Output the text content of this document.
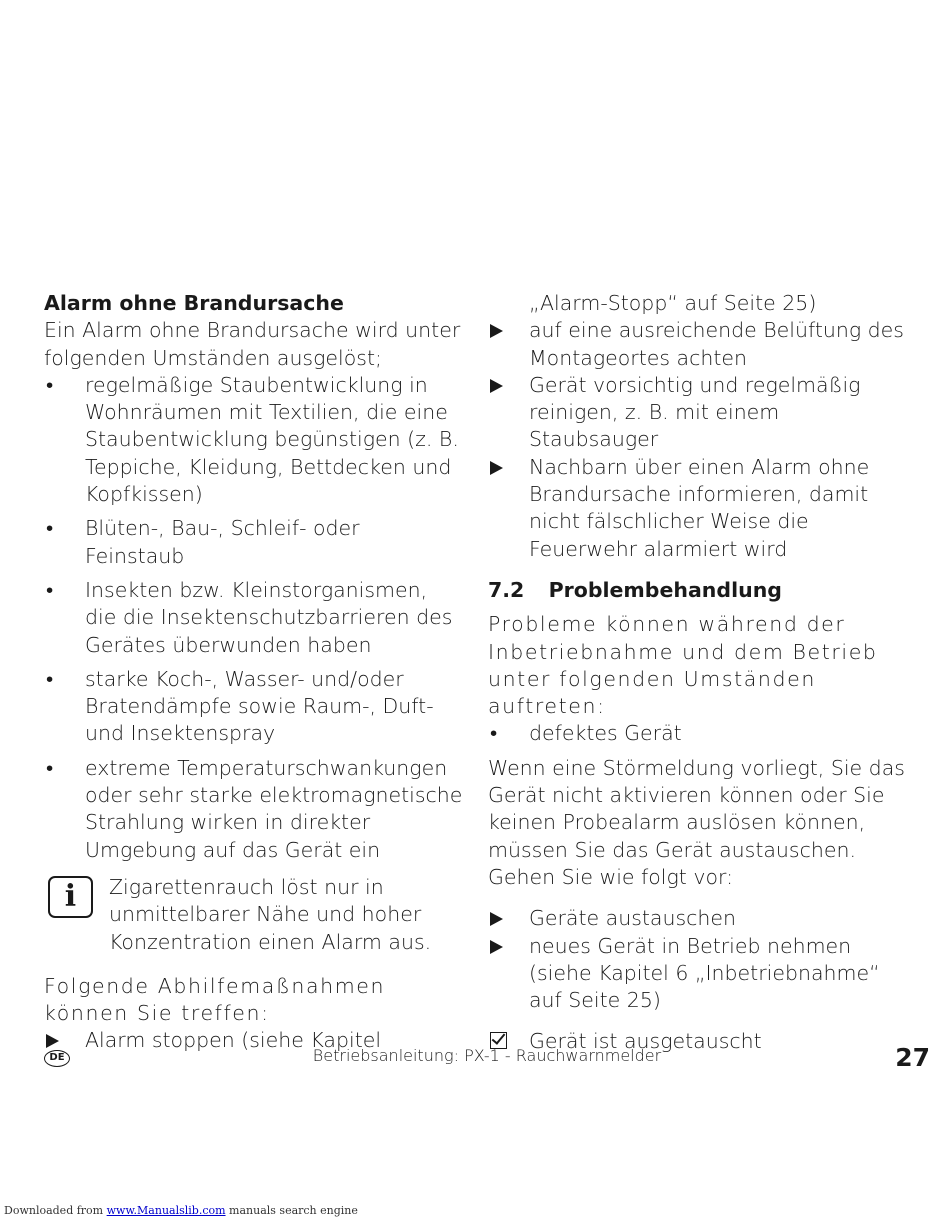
Alarm ohne Brandursache

Ein Alarm ohne Brandursache wird unter folgenden Umständen ausgelöst;

• regelmäßige Staubentwicklung in Wohnräumen mit Textilien, die eine Staubentwicklung begünstigen (z. B. Teppiche, Kleidung, Bettdecken und Kopfkissen)
• Blüten-, Bau-, Schleif- oder Feinstaub
• Insekten bzw. Kleinstorganismen, die die Insektenschutzbarrieren des Gerätes überwunden haben
• starke Koch-, Wasser- und/oder Bratendämpfe sowie Raum-, Duft- und Insektenspray
• extreme Temperaturschwankungen oder sehr starke elektromagnetische Strahlung wirken in direkter Umgebung auf das Gerät ein
i	Zigarettenrauch löst nur in unmittelbarer Nähe und hoher Konzentration einen Alarm aus.

Folgende Abhilfemaßnahmen können Sie treffen:

Alarm stoppen (siehe Kapitel
„Alarm-Stopp“ auf Seite 25)
auf eine ausreichende Belüftung des Montageortes achten
Gerät vorsichtig und regelmäßig reinigen, z. B. mit einem Staubsauger
Nachbarn über einen Alarm ohne Brandursache informieren, damit nicht fälschlicher Weise die Feuerwehr alarmiert wird

7.2 Problembehandlung

Probleme können während der Inbetriebnahme und dem Betrieb unter folgenden Umständen auftreten:

• defektes Gerät

Wenn eine Störmeldung vorliegt, Sie das Gerät nicht aktivieren können oder Sie keinen Probealarm auslösen können, müssen Sie das Gerät austauschen. Gehen Sie wie folgt vor:

Geräte austauschen
neues Gerät in Betrieb nehmen (siehe Kapitel 6 „Inbetriebnahme“ auf Seite 25)
Gerät ist ausgetauscht
DE	Betriebsanleitung: PX-1 - Rauchwarnmelder	27
Downloaded from www.Manualslib.com manuals search engine
